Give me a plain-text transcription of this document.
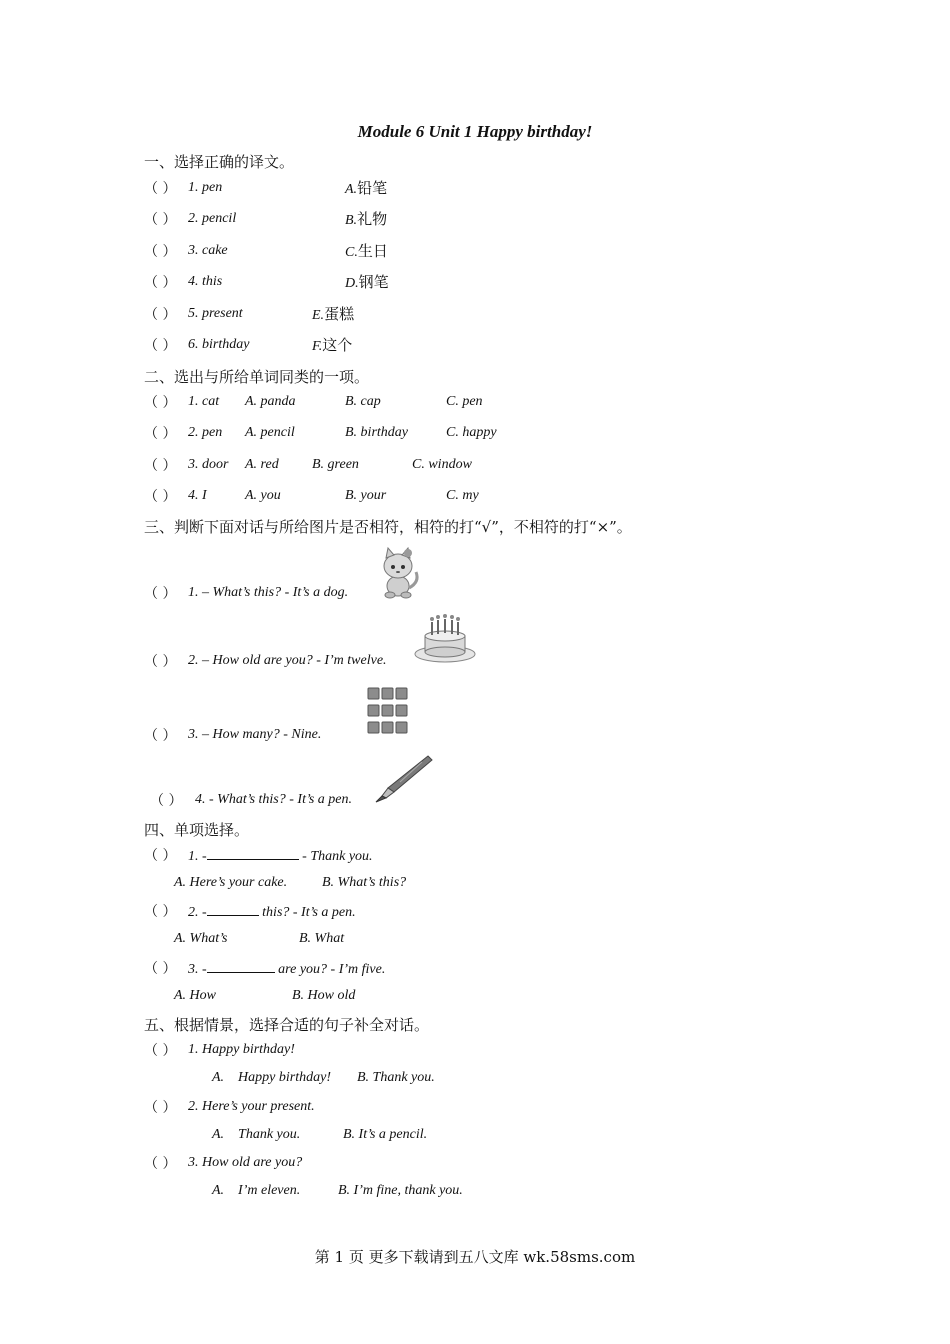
Module 6 Unit 1 Happy birthday!
一、选择正确的译文。
（ ） 1. pen	A.铅笔
（ ） 2. pencil	B.礼物
（ ） 3. cake	C.生日
（ ） 4. this	D.钢笔
（ ） 5. present	E.蛋糕
（ ） 6. birthday	F.这个
二、选出与所给单词同类的一项。
（ ） 1. cat A. panda	B. cap	C. pen
（ ） 2. pen A. pencil	B. birthday	C. happy
（ ） 3. door A. red B. green	C. window
（ ） 4. I	A. you	B. your	C. my
三、判断下面对话与所给图片是否相符，相符的打“√”，不相符的打“×”。
（ ） 1. – What’s this? - It’s a dog.
（ ） 2. – How old are you? - I’m twelve.
（ ） 3. – How many? - Nine.
（ ） 4. - What’s this? - It’s a pen.
四、单项选择。
（ ） 1. -	- Thank you.
A. Here’s your cake. B. What’s this?
（ ） 2. -	this? - It’s a pen.
A. What’s	B. What
（ ） 3. -	are you? - I’m five.
A. How	B. How old
五、根据情景，选择合适的句子补全对话。
（ ） 1. Happy birthday!
A.    Happy birthday! B. Thank you.
（ ） 2. Here’s your present.
A.    Thank you.	B. It’s a pencil.
（ ） 3. How old are you?
A.    I’m eleven.	B. I’m fine, thank you.
第 1 页 更多下载请到五八文库 wk.58sms.com
